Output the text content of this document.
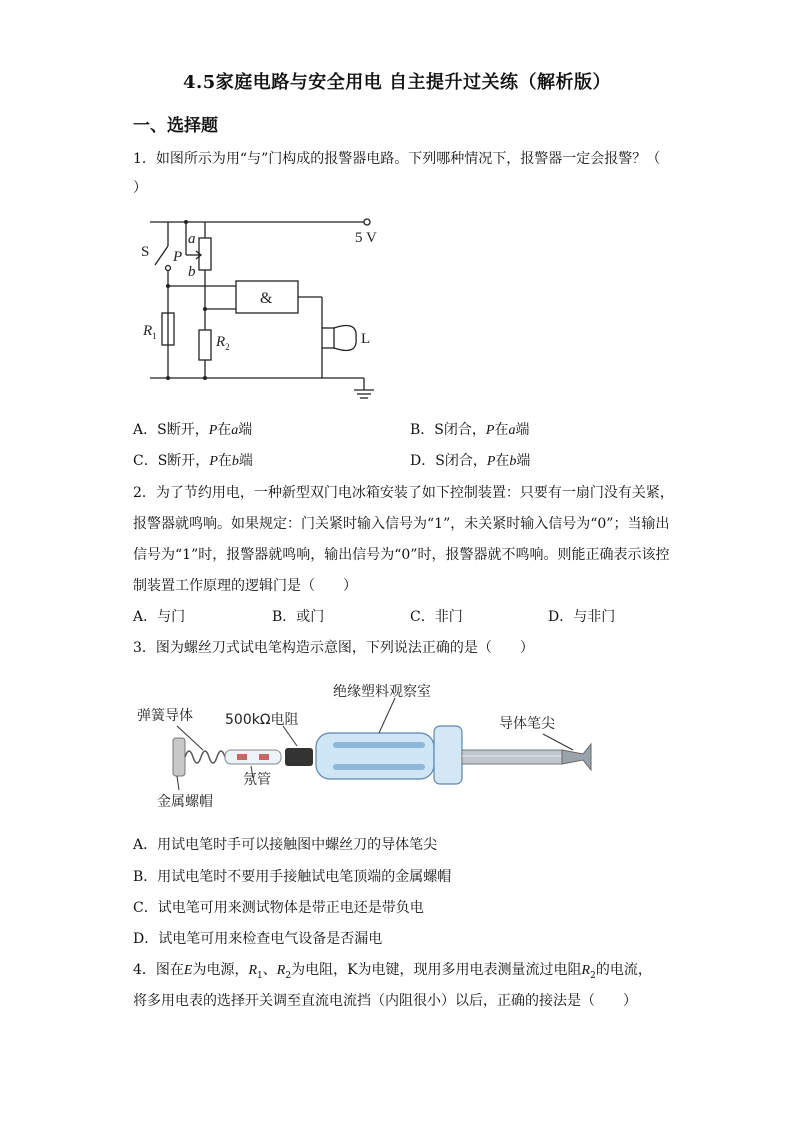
4.5家庭电路与安全用电 自主提升过关练（解析版）
一、选择题
1．如图所示为用“与”门构成的报警器电路。下列哪种情况下，报警器一定会报警？（
）
5 V
S P
a
b
&
$R_1$	$R_2$	L
A．S断开，P在a端	B．S闭合，P在a端
C．S断开，P在b端	D．S闭合，P在b端
2．为了节约用电，一种新型双门电冰箱安装了如下控制装置：只要有一扇门没有关紧，
报警器就鸣响。如果规定：门关紧时输入信号为“1”，未关紧时输入信号为“0”；当输出
信号为“1”时，报警器就鸣响，输出信号为“0”时，报警器就不鸣响。则能正确表示该控
制装置工作原理的逻辑门是（　　）
A．与门	B．或门	C．非门	D．与非门
3．图为螺丝刀式试电笔构造示意图，下列说法正确的是（　　）
弹簧导体 500kΩ电阻
绝缘塑料观察室
导体笔尖
氖管
金属螺帽
A．用试电笔时手可以接触图中螺丝刀的导体笔尖
B．用试电笔时不要用手接触试电笔顶端的金属螺帽
C．试电笔可用来测试物体是带正电还是带负电
D．试电笔可用来检查电气设备是否漏电
4．图在E为电源，$R_1$、$R_2$为电阻，K为电键，现用多用电表测量流过电阻$R_2$的电流，
将多用电表的选择开关调至直流电流挡（内阻很小）以后，正确的接法是（　　）
